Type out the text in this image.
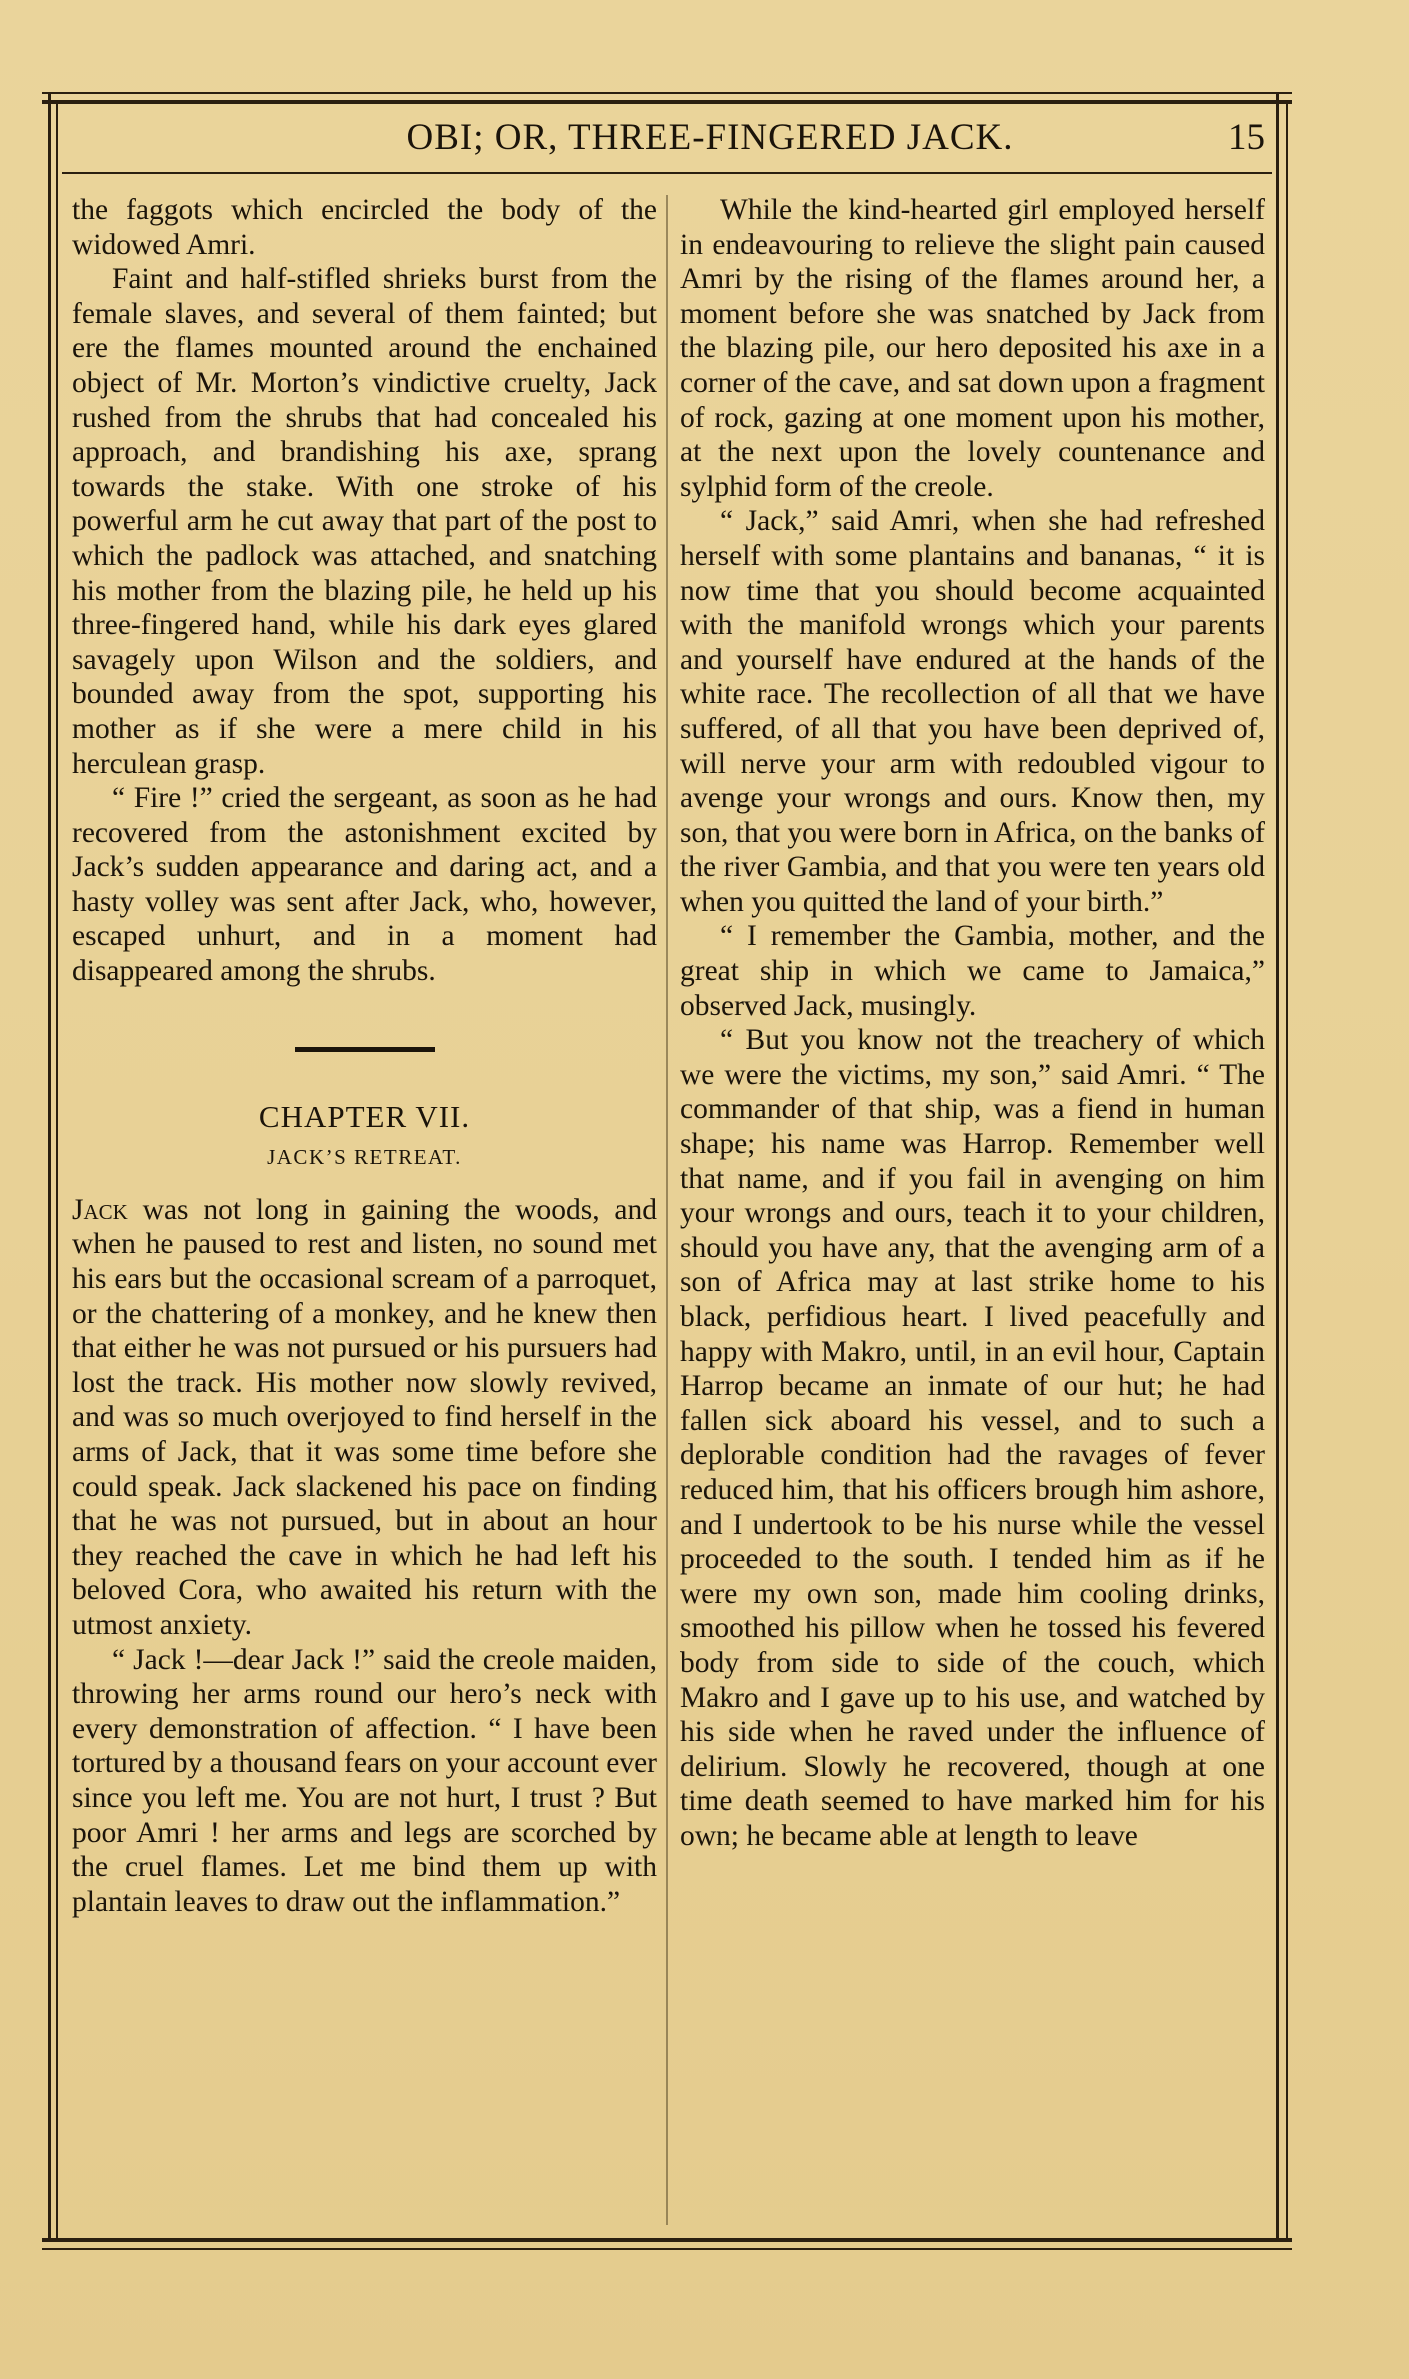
OBI; OR, THREE-FINGERED JACK.	15

the faggots which encircled the body of the widowed Amri.

Faint and half-stifled shrieks burst from the female slaves, and several of them fainted; but ere the flames mounted around the enchained object of Mr. Morton’s vindictive cruelty, Jack rushed from the shrubs that had concealed his approach, and brandishing his axe, sprang towards the stake. With one stroke of his powerful arm he cut away that part of the post to which the padlock was attached, and snatching his mother from the blazing pile, he held up his three-fingered hand, while his dark eyes glared savagely upon Wilson and the soldiers, and bounded away from the spot, supporting his mother as if she were a mere child in his herculean grasp.

“ Fire !” cried the sergeant, as soon as he had recovered from the astonishment excited by Jack’s sudden appearance and daring act, and a hasty volley was sent after Jack, who, however, escaped unhurt, and in a moment had disappeared among the shrubs.

CHAPTER VII.
JACK’S RETREAT.

Jack was not long in gaining the woods, and when he paused to rest and listen, no sound met his ears but the occasional scream of a parroquet, or the chattering of a monkey, and he knew then that either he was not pursued or his pursuers had lost the track. His mother now slowly revived, and was so much overjoyed to find herself in the arms of Jack, that it was some time before she could speak. Jack slackened his pace on finding that he was not pursued, but in about an hour they reached the cave in which he had left his beloved Cora, who awaited his return with the utmost anxiety.

“ Jack !—dear Jack !” said the creole maiden, throwing her arms round our hero’s neck with every demonstration of affection. “ I have been tortured by a thousand fears on your account ever since you left me. You are not hurt, I trust ? But poor Amri ! her arms and legs are scorched by the cruel flames. Let me bind them up with plantain leaves to draw out the inflammation.”

While the kind-hearted girl employed herself in endeavouring to relieve the slight pain caused Amri by the rising of the flames around her, a moment before she was snatched by Jack from the blazing pile, our hero deposited his axe in a corner of the cave, and sat down upon a fragment of rock, gazing at one moment upon his mother, at the next upon the lovely countenance and sylphid form of the creole.

“ Jack,” said Amri, when she had refreshed herself with some plantains and bananas, “ it is now time that you should become acquainted with the manifold wrongs which your parents and yourself have endured at the hands of the white race. The recollection of all that we have suffered, of all that you have been deprived of, will nerve your arm with redoubled vigour to avenge your wrongs and ours. Know then, my son, that you were born in Africa, on the banks of the river Gambia, and that you were ten years old when you quitted the land of your birth.”

“ I remember the Gambia, mother, and the great ship in which we came to Jamaica,” observed Jack, musingly.

“ But you know not the treachery of which we were the victims, my son,” said Amri. “ The commander of that ship, was a fiend in human shape; his name was Harrop. Remember well that name, and if you fail in avenging on him your wrongs and ours, teach it to your children, should you have any, that the avenging arm of a son of Africa may at last strike home to his black, perfidious heart. I lived peacefully and happy with Makro, until, in an evil hour, Captain Harrop became an inmate of our hut; he had fallen sick aboard his vessel, and to such a deplorable condition had the ravages of fever reduced him, that his officers brough him ashore, and I undertook to be his nurse while the vessel proceeded to the south. I tended him as if he were my own son, made him cooling drinks, smoothed his pillow when he tossed his fevered body from side to side of the couch, which Makro and I gave up to his use, and watched by his side when he raved under the influence of delirium. Slowly he recovered, though at one time death seemed to have marked him for his own; he became able at length to leave
